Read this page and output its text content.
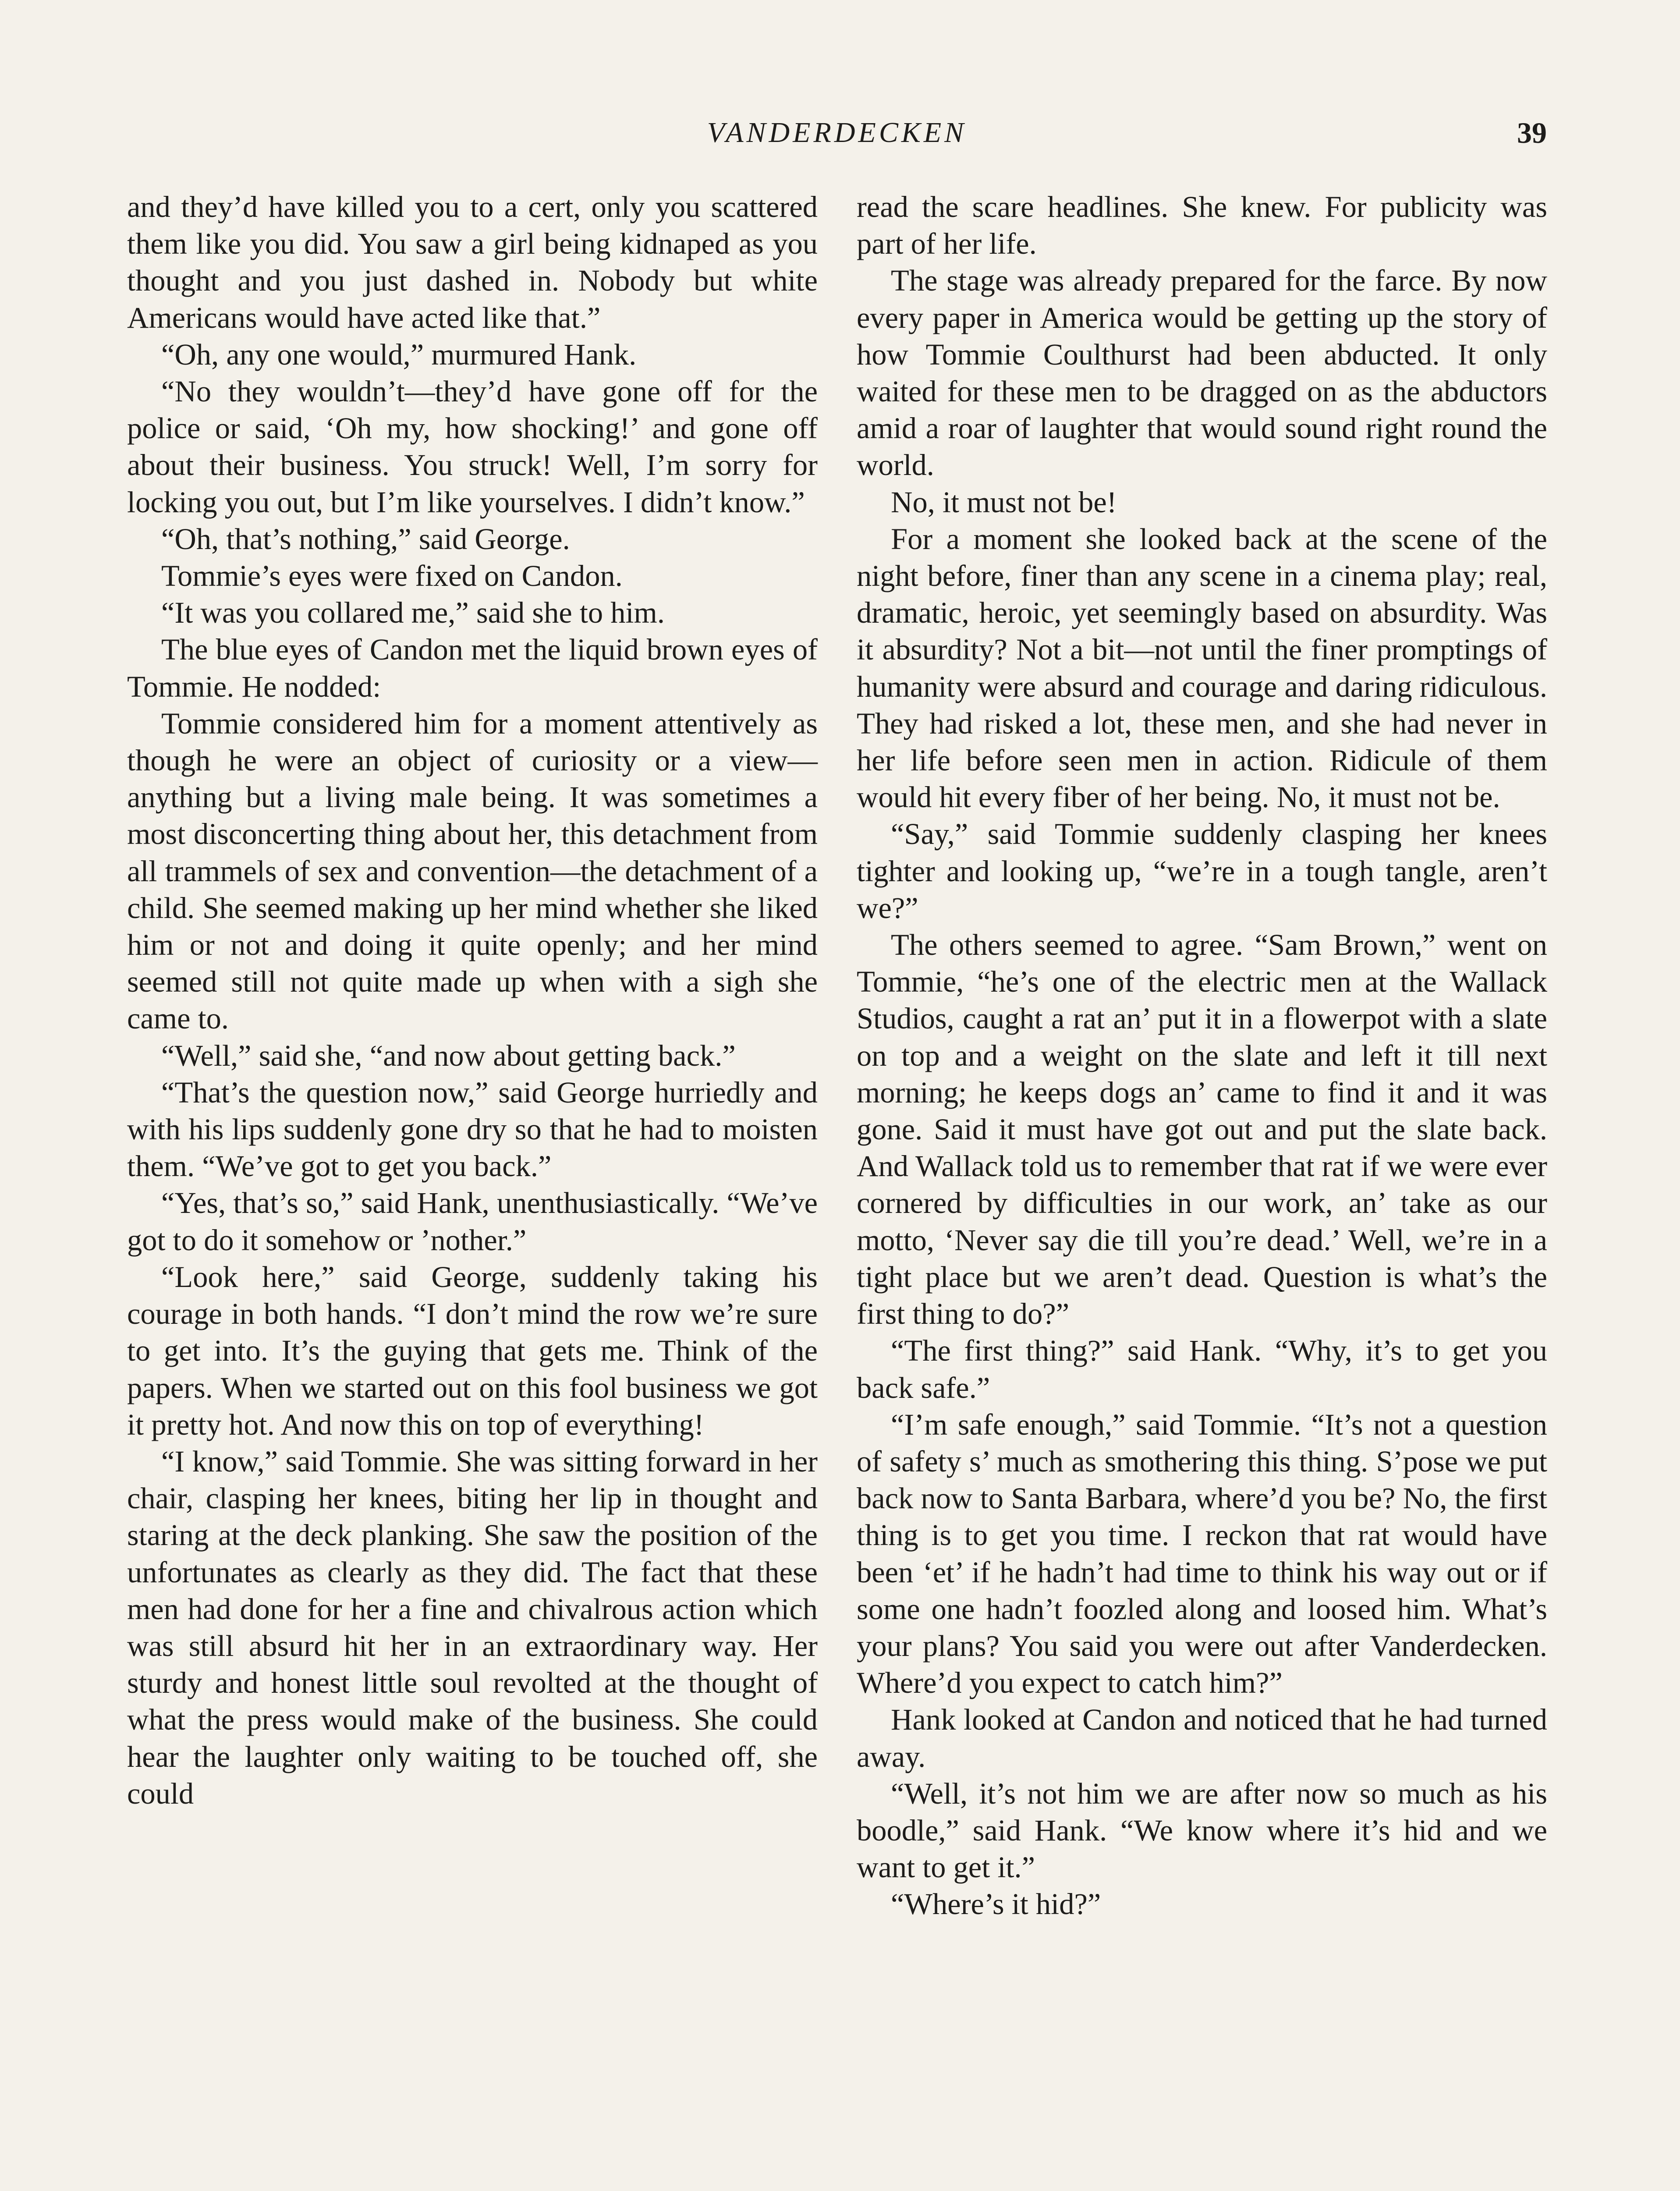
VANDERDECKEN	39

and they’d have killed you to a cert, only you scattered them like you did. You saw a girl being kidnaped as you thought and you just dashed in. Nobody but white Americans would have acted like that.”

“Oh, any one would,” murmured Hank.

“No they wouldn’t—they’d have gone off for the police or said, ‘Oh my, how shocking!’ and gone off about their business. You struck! Well, I’m sorry for locking you out, but I’m like yourselves. I didn’t know.”

“Oh, that’s nothing,” said George.

Tommie’s eyes were fixed on Candon.

“It was you collared me,” said she to him.

The blue eyes of Candon met the liquid brown eyes of Tommie. He nodded:

Tommie considered him for a moment attentively as though he were an object of curiosity or a view—anything but a living male being. It was sometimes a most disconcerting thing about her, this detachment from all trammels of sex and convention—the detachment of a child. She seemed making up her mind whether she liked him or not and doing it quite openly; and her mind seemed still not quite made up when with a sigh she came to.

“Well,” said she, “and now about getting back.”

“That’s the question now,” said George hurriedly and with his lips suddenly gone dry so that he had to moisten them. “We’ve got to get you back.”

“Yes, that’s so,” said Hank, unenthusiastically. “We’ve got to do it somehow or ’nother.”

“Look here,” said George, suddenly taking his courage in both hands. “I don’t mind the row we’re sure to get into. It’s the guying that gets me. Think of the papers. When we started out on this fool business we got it pretty hot. And now this on top of everything!

“I know,” said Tommie. She was sitting forward in her chair, clasping her knees, biting her lip in thought and staring at the deck planking. She saw the position of the unfortunates as clearly as they did. The fact that these men had done for her a fine and chivalrous action which was still absurd hit her in an extraordinary way. Her sturdy and honest little soul revolted at the thought of what the press would make of the business. She could hear the laughter only waiting to be touched off, she could

read the scare headlines. She knew. For publicity was part of her life.

The stage was already prepared for the farce. By now every paper in America would be getting up the story of how Tommie Coulthurst had been abducted. It only waited for these men to be dragged on as the abductors amid a roar of laughter that would sound right round the world.

No, it must not be!

For a moment she looked back at the scene of the night before, finer than any scene in a cinema play; real, dramatic, heroic, yet seemingly based on absurdity. Was it absurdity? Not a bit—not until the finer promptings of humanity were absurd and courage and daring ridiculous. They had risked a lot, these men, and she had never in her life before seen men in action. Ridicule of them would hit every fiber of her being. No, it must not be.

“Say,” said Tommie suddenly clasping her knees tighter and looking up, “we’re in a tough tangle, aren’t we?”

The others seemed to agree. “Sam Brown,” went on Tommie, “he’s one of the electric men at the Wallack Studios, caught a rat an’ put it in a flowerpot with a slate on top and a weight on the slate and left it till next morning; he keeps dogs an’ came to find it and it was gone. Said it must have got out and put the slate back. And Wallack told us to remember that rat if we were ever cornered by difficulties in our work, an’ take as our motto, ‘Never say die till you’re dead.’ Well, we’re in a tight place but we aren’t dead. Question is what’s the first thing to do?”

“The first thing?” said Hank. “Why, it’s to get you back safe.”

“I’m safe enough,” said Tommie. “It’s not a question of safety s’ much as smothering this thing. S’pose we put back now to Santa Barbara, where’d you be? No, the first thing is to get you time. I reckon that rat would have been ‘et’ if he hadn’t had time to think his way out or if some one hadn’t foozled along and loosed him. What’s your plans? You said you were out after Vanderdecken. Where’d you expect to catch him?”

Hank looked at Candon and noticed that he had turned away.

“Well, it’s not him we are after now so much as his boodle,” said Hank. “We know where it’s hid and we want to get it.”

“Where’s it hid?”
